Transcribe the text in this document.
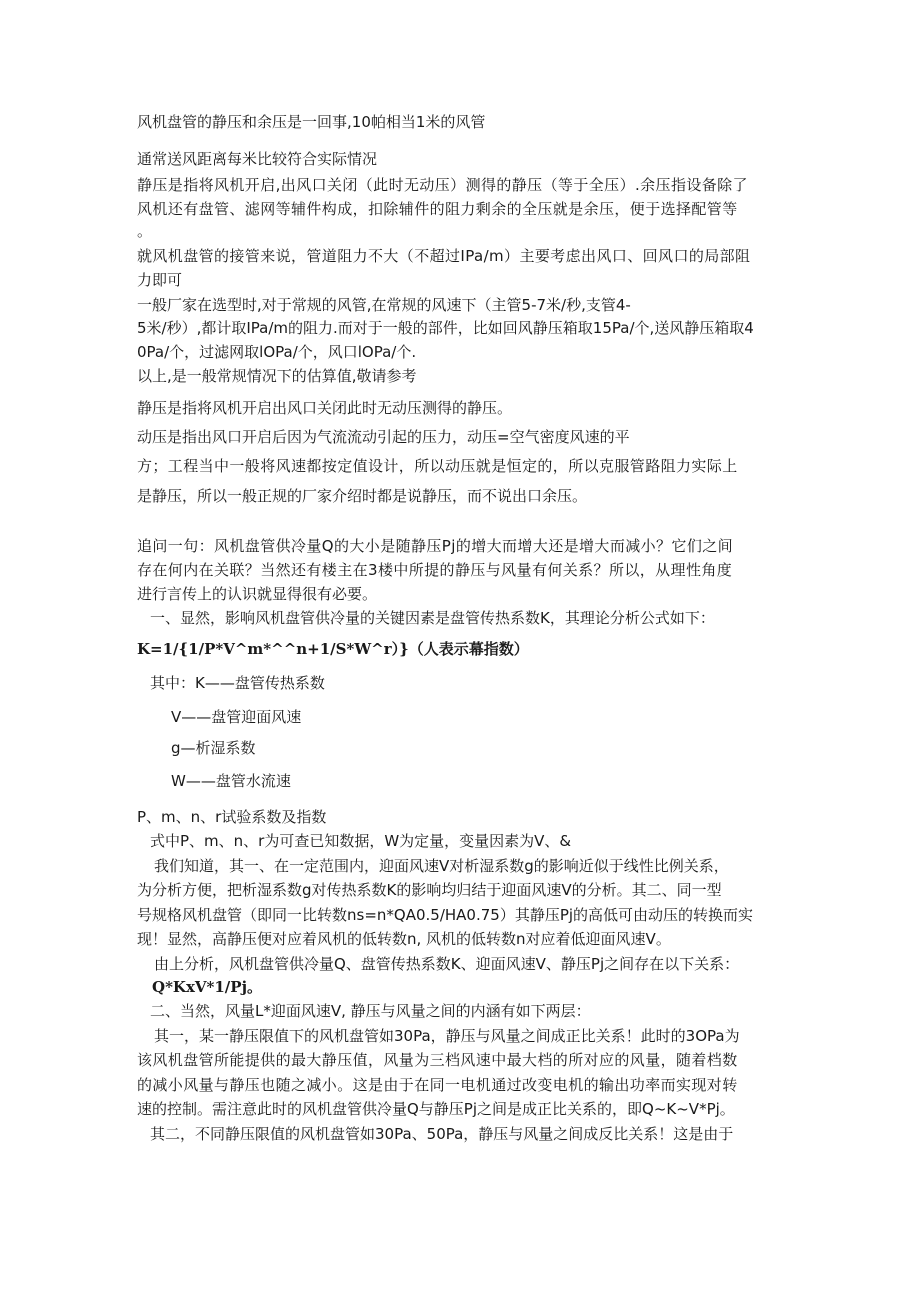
风机盘管的静压和余压是一回事,10帕相当1米的风管
通常送风距离每米比较符合实际情况
静压是指将风机开启,出风口关闭（此时无动压）测得的静压（等于全压）.余压指设备除了
风机还有盘管、滤网等辅件构成，扣除辅件的阻力剩余的全压就是余压，便于选择配管等
。
就风机盘管的接管来说，管道阻力不大（不超过IPa/m）主要考虑出风口、回风口的局部阻
力即可
一般厂家在选型时,对于常规的风管,在常规的风速下（主管5-7米/秒,支管4-
5米/秒）,都计取IPa/m的阻力.而对于一般的部件，比如回风静压箱取15Pa/个,送风静压箱取4
0Pa/个，过滤网取lOPa/个，风口lOPa/个.
以上,是一般常规情况下的估算值,敬请参考
静压是指将风机开启出风口关闭此时无动压测得的静压。
动压是指出风口开启后因为气流流动引起的压力，动压=空气密度风速的平
方；工程当中一般将风速都按定值设计，所以动压就是恒定的，所以克服管路阻力实际上
是静压，所以一般正规的厂家介绍时都是说静压，而不说出口余压。
追问一句：风机盘管供冷量Q的大小是随静压Pj的增大而增大还是增大而减小？它们之间
存在何内在关联？当然还有楼主在3楼中所提的静压与风量有何关系？所以，从理性角度
进行言传上的认识就显得很有必要。
一、显然，影响风机盘管供冷量的关键因素是盘管传热系数K，其理论分析公式如下：
K=1/{1/P*V^m*^^n+1/S*W^r）}（人表示幕指数）
其中：K——盘管传热系数
V——盘管迎面风速
g—析湿系数
W——盘管水流速
P、m、n、r试验系数及指数
式中P、m、n、r为可查已知数据，W为定量，变量因素为V、&
我们知道，其一、在一定范围内，迎面风速V对析湿系数g的影响近似于线性比例关系，
为分析方便，把析湿系数g对传热系数K的影响均归结于迎面风速V的分析。其二、同一型
号规格风机盘管（即同一比转数ns=n*QA0.5/HA0.75）其静压Pj的高低可由动压的转换而实
现！显然，高静压便对应着风机的低转数n, 风机的低转数n对应着低迎面风速V。
由上分析，风机盘管供冷量Q、盘管传热系数K、迎面风速V、静压Pj之间存在以下关系：
Q*KxV*1/Pj。
二、当然，风量L*迎面风速V, 静压与风量之间的内涵有如下两层：
其一，某一静压限值下的风机盘管如30Pa，静压与风量之间成正比关系！此时的3OPa为
该风机盘管所能提供的最大静压值，风量为三档风速中最大档的所对应的风量，随着档数
的减小风量与静压也随之减小。这是由于在同一电机通过改变电机的输出功率而实现对转
速的控制。需注意此时的风机盘管供冷量Q与静压Pj之间是成正比关系的，即Q~K~V*Pj。
其二，不同静压限值的风机盘管如30Pa、50Pa，静压与风量之间成反比关系！这是由于
